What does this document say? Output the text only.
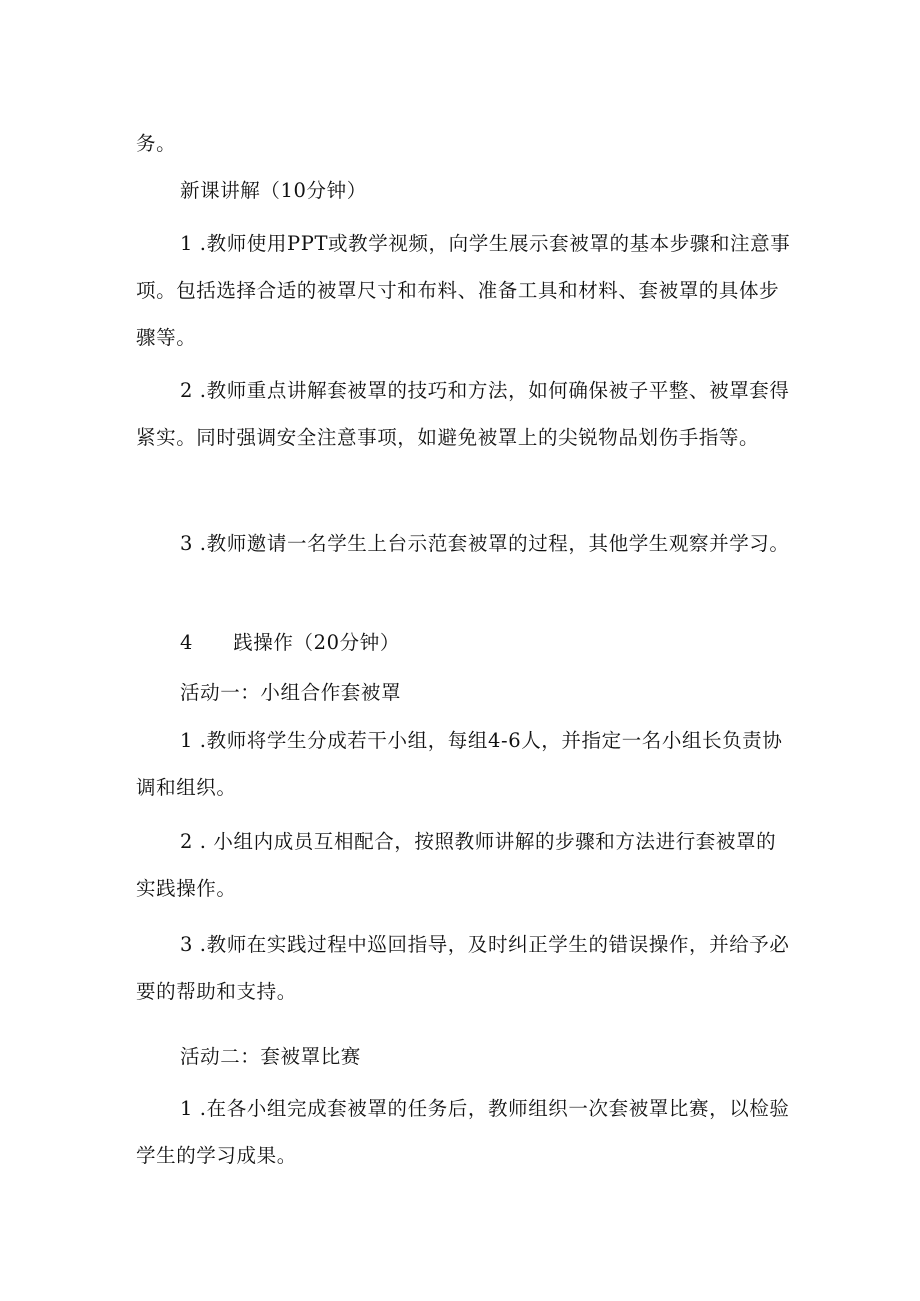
务。
新课讲解（10分钟）
1 .教师使用PPT或教学视频，向学生展示套被罩的基本步骤和注意事项。包括选择合适的被罩尺寸和布料、准备工具和材料、套被罩的具体步骤等。
2 .教师重点讲解套被罩的技巧和方法，如何确保被子平整、被罩套得紧实。同时强调安全注意事项，如避免被罩上的尖锐物品划伤手指等。
3 .教师邀请一名学生上台示范套被罩的过程，其他学生观察并学习。
4　　践操作（20分钟）
活动一：小组合作套被罩
1 .教师将学生分成若干小组，每组4-6人，并指定一名小组长负责协调和组织。
2 . 小组内成员互相配合，按照教师讲解的步骤和方法进行套被罩的实践操作。
3 .教师在实践过程中巡回指导，及时纠正学生的错误操作，并给予必要的帮助和支持。
活动二：套被罩比赛
1 .在各小组完成套被罩的任务后，教师组织一次套被罩比赛，以检验学生的学习成果。
